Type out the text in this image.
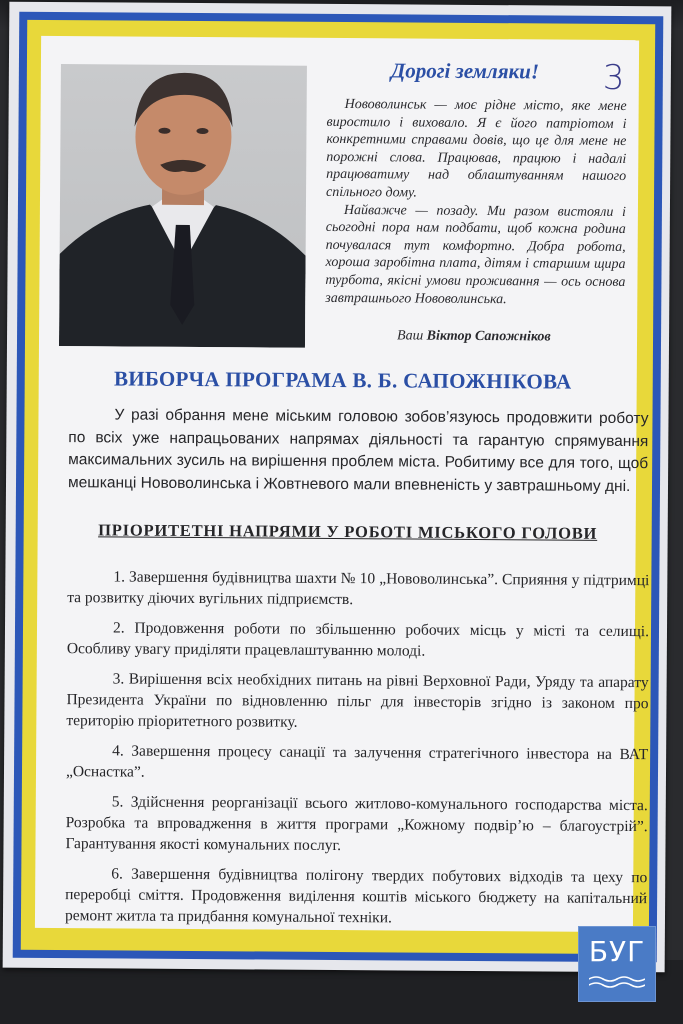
3
Дорогі земляки!

Нововолинськ — моє рідне місто, яке мене виростило і виховало. Я є його патріотом і конкретними справами довів, що це для мене не порожні слова. Працював, працюю і надалі працюватиму над облаштуванням нашого спільного дому.

Найважче — позаду. Ми разом вистояли і сьогодні пора нам подбати, щоб кожна родина почувалася тут комфортно. Добра робота, хороша заробітна плата, дітям і старшим щира турбота, якісні умови проживання — ось основа завтрашнього Нововолинська.

Ваш Віктор Сапожніков
ВИБОРЧА ПРОГРАМА В. Б. САПОЖНІКОВА

У разі обрання мене міським головою зобов’язуюсь продовжити роботу по всіх уже напрацьованих напрямах діяльності та гарантую спрямування максимальних зусиль на вирішення проблем міста. Робитиму все для того, щоб мешканці Нововолинська і Жовтневого мали впевненість у завтрашньому дні.

ПРІОРИТЕТНІ НАПРЯМИ У РОБОТІ МІСЬКОГО ГОЛОВИ

1. Завершення будівництва шахти № 10 „Нововолинська”. Сприяння у підтримці та розвитку діючих вугільних підприємств.

2. Продовження роботи по збільшенню робочих місць у місті та селищі. Особливу увагу приділяти працевлаштуванню молоді.

3. Вирішення всіх необхідних питань на рівні Верховної Ради, Уряду та апарату Президента України по відновленню пільг для інвесторів згідно із законом про територію пріоритетного розвитку.

4. Завершення процесу санації та залучення стратегічного інвестора на ВАТ „Оснастка”.

5. Здійснення реорганізації всього житлово-комунального господарства міста. Розробка та впровадження в життя програми „Кожному подвір’ю – благоустрій”. Гарантування якості комунальних послуг.

6. Завершення будівництва полігону твердих побутових відходів та цеху по переробці сміття. Продовження виділення коштів міського бюджету на капітальний ремонт житла та придбання комунальної техніки.

БУГ
